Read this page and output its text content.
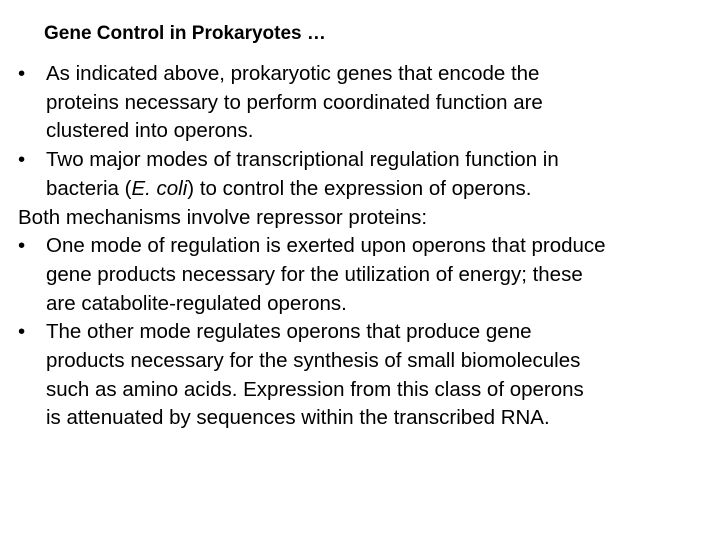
Gene Control in Prokaryotes …
•	As indicated above, prokaryotic genes that encode the
proteins necessary to perform coordinated function are
clustered into operons.
•	Two major modes of transcriptional regulation function in
bacteria (E. coli) to control the expression of operons.
Both mechanisms involve repressor proteins:
•	One mode of regulation is exerted upon operons that produce
gene products necessary for the utilization of energy; these
are catabolite-regulated operons.
•	The other mode regulates operons that produce gene
products necessary for the synthesis of small biomolecules
such as amino acids. Expression from this class of operons
is attenuated by sequences within the transcribed RNA.
